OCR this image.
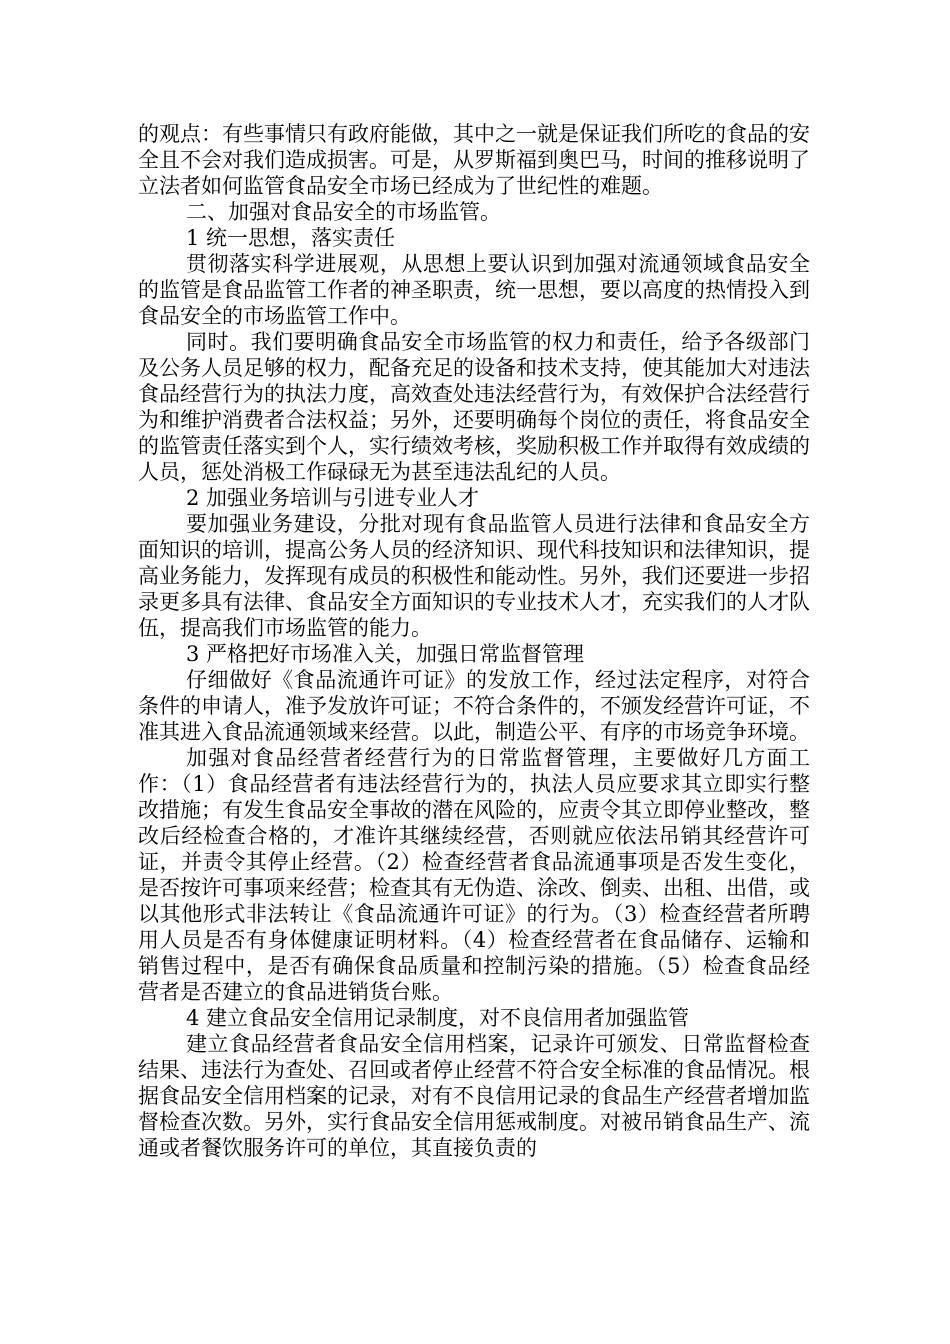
的观点：有些事情只有政府能做，其中之一就是保证我们所吃的食品的安全且不会对我们造成损害。可是，从罗斯福到奥巴马，时间的推移说明了立法者如何监管食品安全市场已经成为了世纪性的难题。

二、加强对食品安全的市场监管。

1 统一思想，落实责任

贯彻落实科学进展观，从思想上要认识到加强对流通领域食品安全的监管是食品监管工作者的神圣职责，统一思想，要以高度的热情投入到食品安全的市场监管工作中。

同时。我们要明确食品安全市场监管的权力和责任，给予各级部门及公务人员足够的权力，配备充足的设备和技术支持，使其能加大对违法食品经营行为的执法力度，高效查处违法经营行为，有效保护合法经营行为和维护消费者合法权益；另外，还要明确每个岗位的责任，将食品安全的监管责任落实到个人，实行绩效考核，奖励积极工作并取得有效成绩的人员，惩处消极工作碌碌无为甚至违法乱纪的人员。

2 加强业务培训与引进专业人才

要加强业务建设，分批对现有食品监管人员进行法律和食品安全方面知识的培训，提高公务人员的经济知识、现代科技知识和法律知识，提高业务能力，发挥现有成员的积极性和能动性。另外，我们还要进一步招录更多具有法律、食品安全方面知识的专业技术人才，充实我们的人才队伍，提高我们市场监管的能力。

3 严格把好市场准入关，加强日常监督管理

仔细做好《食品流通许可证》的发放工作，经过法定程序，对符合条件的申请人，准予发放许可证；不符合条件的，不颁发经营许可证，不准其进入食品流通领域来经营。以此，制造公平、有序的市场竞争环境。

加强对食品经营者经营行为的日常监督管理，主要做好几方面工作：（1）食品经营者有违法经营行为的，执法人员应要求其立即实行整改措施；有发生食品安全事故的潜在风险的，应责令其立即停业整改，整改后经检查合格的，才准许其继续经营，否则就应依法吊销其经营许可证，并责令其停止经营。（2）检查经营者食品流通事项是否发生变化，是否按许可事项来经营；检查其有无伪造、涂改、倒卖、出租、出借，或以其他形式非法转让《食品流通许可证》的行为。（3）检查经营者所聘用人员是否有身体健康证明材料。（4）检查经营者在食品储存、运输和销售过程中，是否有确保食品质量和控制污染的措施。（5）检查食品经营者是否建立的食品进销货台账。

4 建立食品安全信用记录制度，对不良信用者加强监管

建立食品经营者食品安全信用档案，记录许可颁发、日常监督检查结果、违法行为查处、召回或者停止经营不符合安全标准的食品情况。根据食品安全信用档案的记录，对有不良信用记录的食品生产经营者增加监督检查次数。另外，实行食品安全信用惩戒制度。对被吊销食品生产、流通或者餐饮服务许可的单位，其直接负责的
